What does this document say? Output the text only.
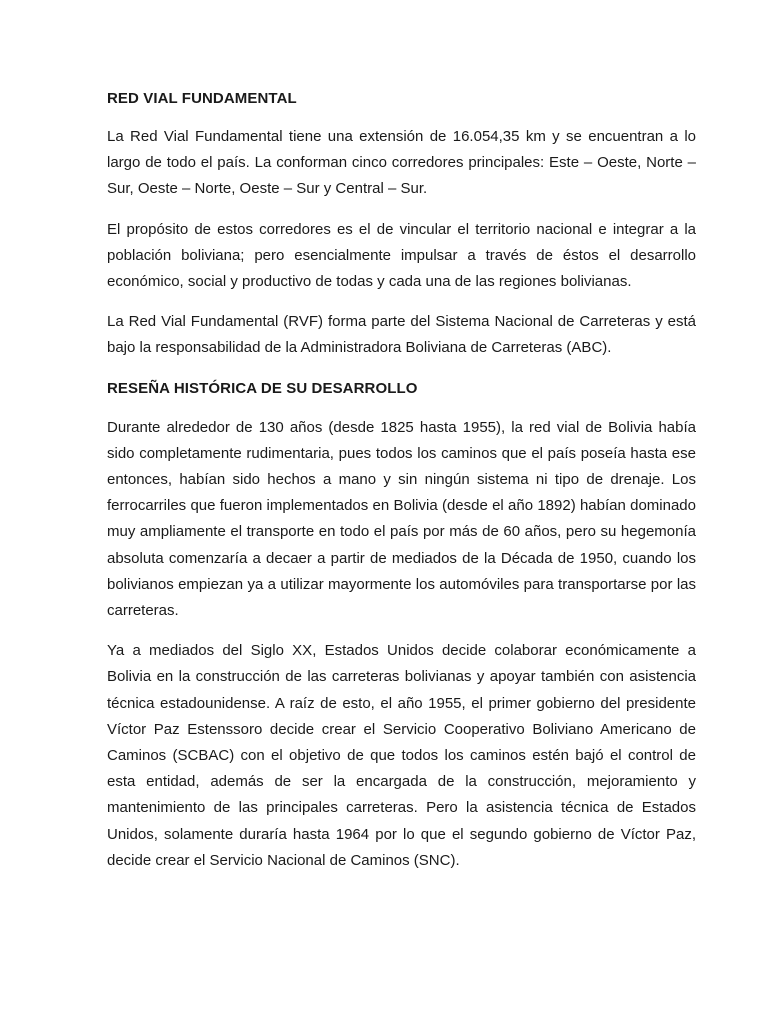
RED VIAL FUNDAMENTAL

La Red Vial Fundamental tiene una extensión de 16.054,35 km y se encuentran a lo largo de todo el país. La conforman cinco corredores principales: Este – Oeste, Norte – Sur, Oeste – Norte, Oeste – Sur y Central – Sur.

El propósito de estos corredores es el de vincular el territorio nacional e integrar a la población boliviana; pero esencialmente impulsar a través de éstos el desarrollo económico, social y productivo de todas y cada una de las regiones bolivianas.

La Red Vial Fundamental (RVF) forma parte del Sistema Nacional de Carreteras y está bajo la responsabilidad de la Administradora Boliviana de Carreteras (ABC).

RESEÑA HISTÓRICA DE SU DESARROLLO

Durante alrededor de 130 años (desde 1825 hasta 1955), la red vial de Bolivia había sido completamente rudimentaria, pues todos los caminos que el país poseía hasta ese entonces, habían sido hechos a mano y sin ningún sistema ni tipo de drenaje. Los ferrocarriles que fueron implementados en Bolivia (desde el año 1892) habían dominado muy ampliamente el transporte en todo el país por más de 60 años, pero su hegemonía absoluta comenzaría a decaer a partir de mediados de la Década de 1950, cuando los bolivianos empiezan ya a utilizar mayormente los automóviles para transportarse por las carreteras.

Ya a mediados del Siglo XX, Estados Unidos decide colaborar económicamente a Bolivia en la construcción de las carreteras bolivianas y apoyar también con asistencia técnica estadounidense. A raíz de esto, el año 1955, el primer gobierno del presidente Víctor Paz Estenssoro decide crear el Servicio Cooperativo Boliviano Americano de Caminos (SCBAC) con el objetivo de que todos los caminos estén bajó el control de esta entidad, además de ser la encargada de la construcción, mejoramiento y mantenimiento de las principales carreteras. Pero la asistencia técnica de Estados Unidos, solamente duraría hasta 1964 por lo que el segundo gobierno de Víctor Paz, decide crear el Servicio Nacional de Caminos (SNC).
